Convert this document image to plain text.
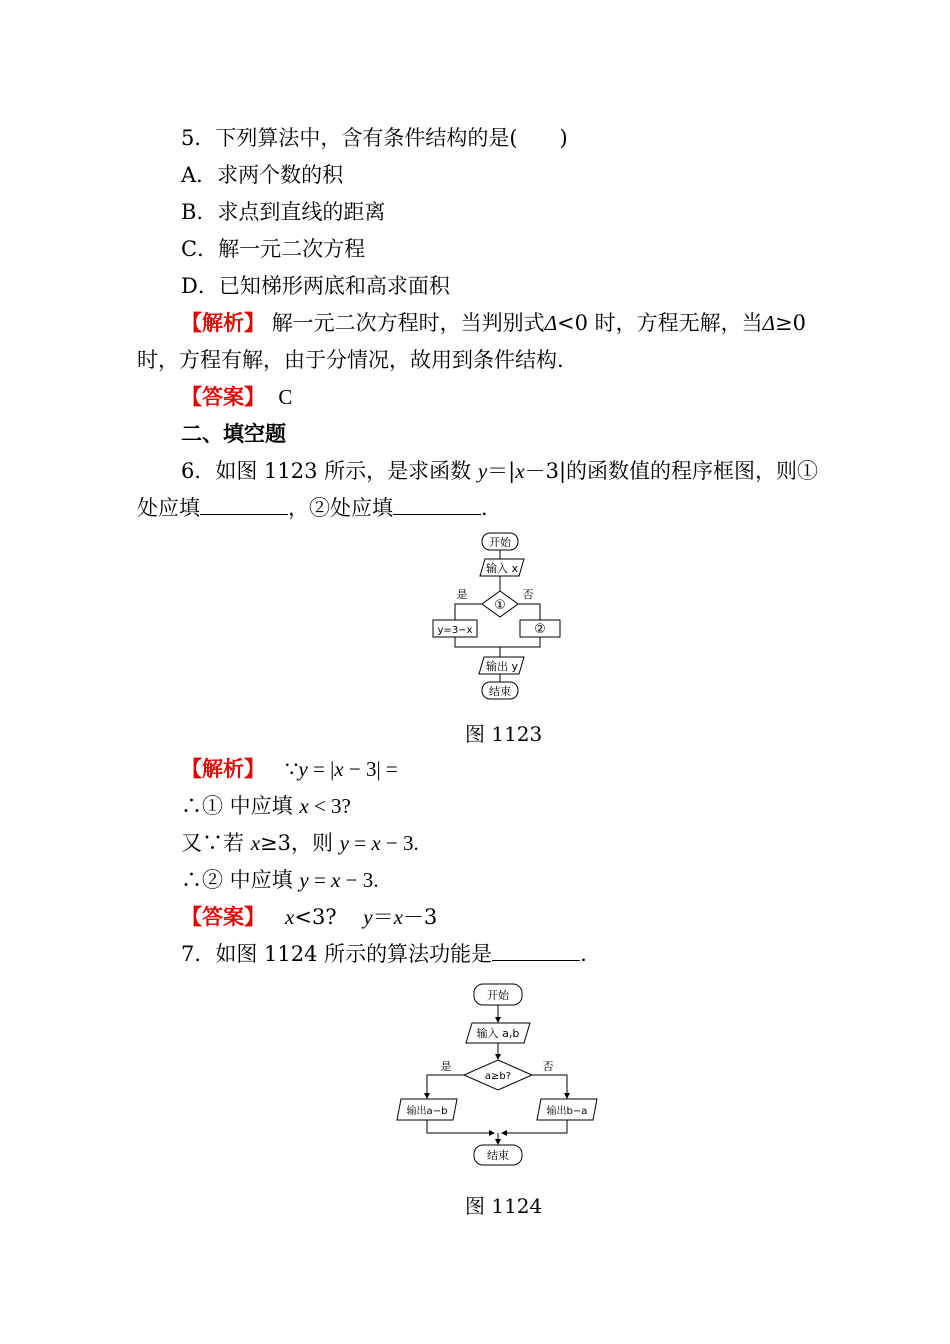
5．下列算法中，含有条件结构的是(　　)
A．求两个数的积
B．求点到直线的距离
C．解一元二次方程
D．已知梯形两底和高求面积
【解析】 解一元二次方程时，当判别式Δ<0 时，方程无解，当Δ≥0
时，方程有解，由于分情况，故用到条件结构.
【答案】 C
二、填空题
6．如图 1123 所示，是求函数 y＝|x－3|的函数值的程序框图，则①
处应填	，②处应填	.
开始
输入 x
①
是	否
y=3−x	②
输出 y
结束
图 1123
【解析】 ∵y = |x − 3| =
∴① 中应填 x < 3?
又∵若 x≥3，则 y = x − 3.
∴② 中应填 y = x − 3.
【答案】 x<3? y＝x－3
7．如图 1124 所示的算法功能是	.
开始
输入 a,b
a≥b?
是	否
输出a−b	输出b−a
结束
图 1124
